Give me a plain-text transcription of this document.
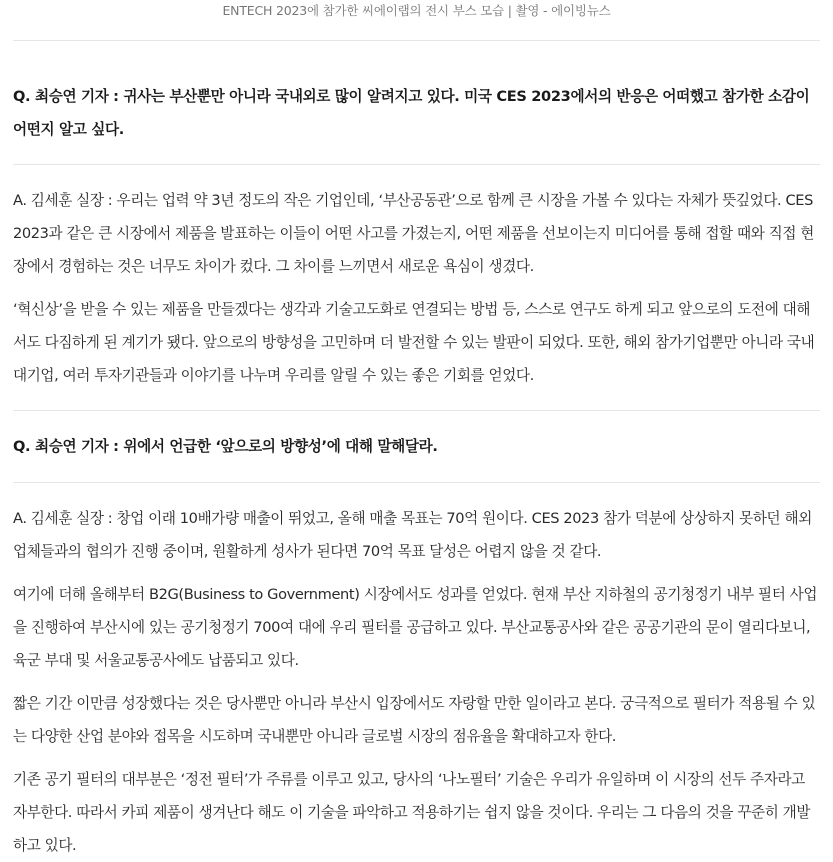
ENTECH 2023에 참가한 씨에이랩의 전시 부스 모습 | 촬영 - 에이빙뉴스

Q. 최승연 기자 : 귀사는 부산뿐만 아니라 국내외로 많이 알려지고 있다. 미국 CES 2023에서의 반응은 어떠했고 참가한 소감이 어떤지 알고 싶다.

A. 김세훈 실장 : 우리는 업력 약 3년 정도의 작은 기업인데, ‘부산공동관’으로 함께 큰 시장을 가볼 수 있다는 자체가 뜻깊었다. CES 2023과 같은 큰 시장에서 제품을 발표하는 이들이 어떤 사고를 가졌는지, 어떤 제품을 선보이는지 미디어를 통해 접할 때와 직접 현장에서 경험하는 것은 너무도 차이가 컸다. 그 차이를 느끼면서 새로운 욕심이 생겼다.

‘혁신상’을 받을 수 있는 제품을 만들겠다는 생각과 기술고도화로 연결되는 방법 등, 스스로 연구도 하게 되고 앞으로의 도전에 대해서도 다짐하게 된 계기가 됐다. 앞으로의 방향성을 고민하며 더 발전할 수 있는 발판이 되었다. 또한, 해외 참가기업뿐만 아니라 국내 대기업, 여러 투자기관들과 이야기를 나누며 우리를 알릴 수 있는 좋은 기회를 얻었다.

Q. 최승연 기자 : 위에서 언급한 ‘앞으로의 방향성’에 대해 말해달라.

A. 김세훈 실장 : 창업 이래 10배가량 매출이 뛰었고, 올해 매출 목표는 70억 원이다. CES 2023 참가 덕분에 상상하지 못하던 해외 업체들과의 협의가 진행 중이며, 원활하게 성사가 된다면 70억 목표 달성은 어렵지 않을 것 같다.

여기에 더해 올해부터 B2G(Business to Government) 시장에서도 성과를 얻었다. 현재 부산 지하철의 공기청정기 내부 필터 사업을 진행하여 부산시에 있는 공기청정기 700여 대에 우리 필터를 공급하고 있다. 부산교통공사와 같은 공공기관의 문이 열리다보니, 육군 부대 및 서울교통공사에도 납품되고 있다.

짧은 기간 이만큼 성장했다는 것은 당사뿐만 아니라 부산시 입장에서도 자랑할 만한 일이라고 본다. 궁극적으로 필터가 적용될 수 있는 다양한 산업 분야와 접목을 시도하며 국내뿐만 아니라 글로벌 시장의 점유율을 확대하고자 한다.

기존 공기 필터의 대부분은 ‘정전 필터’가 주류를 이루고 있고, 당사의 ‘나노필터’ 기술은 우리가 유일하며 이 시장의 선두 주자라고 자부한다. 따라서 카피 제품이 생겨난다 해도 이 기술을 파악하고 적용하기는 쉽지 않을 것이다. 우리는 그 다음의 것을 꾸준히 개발하고 있다.
